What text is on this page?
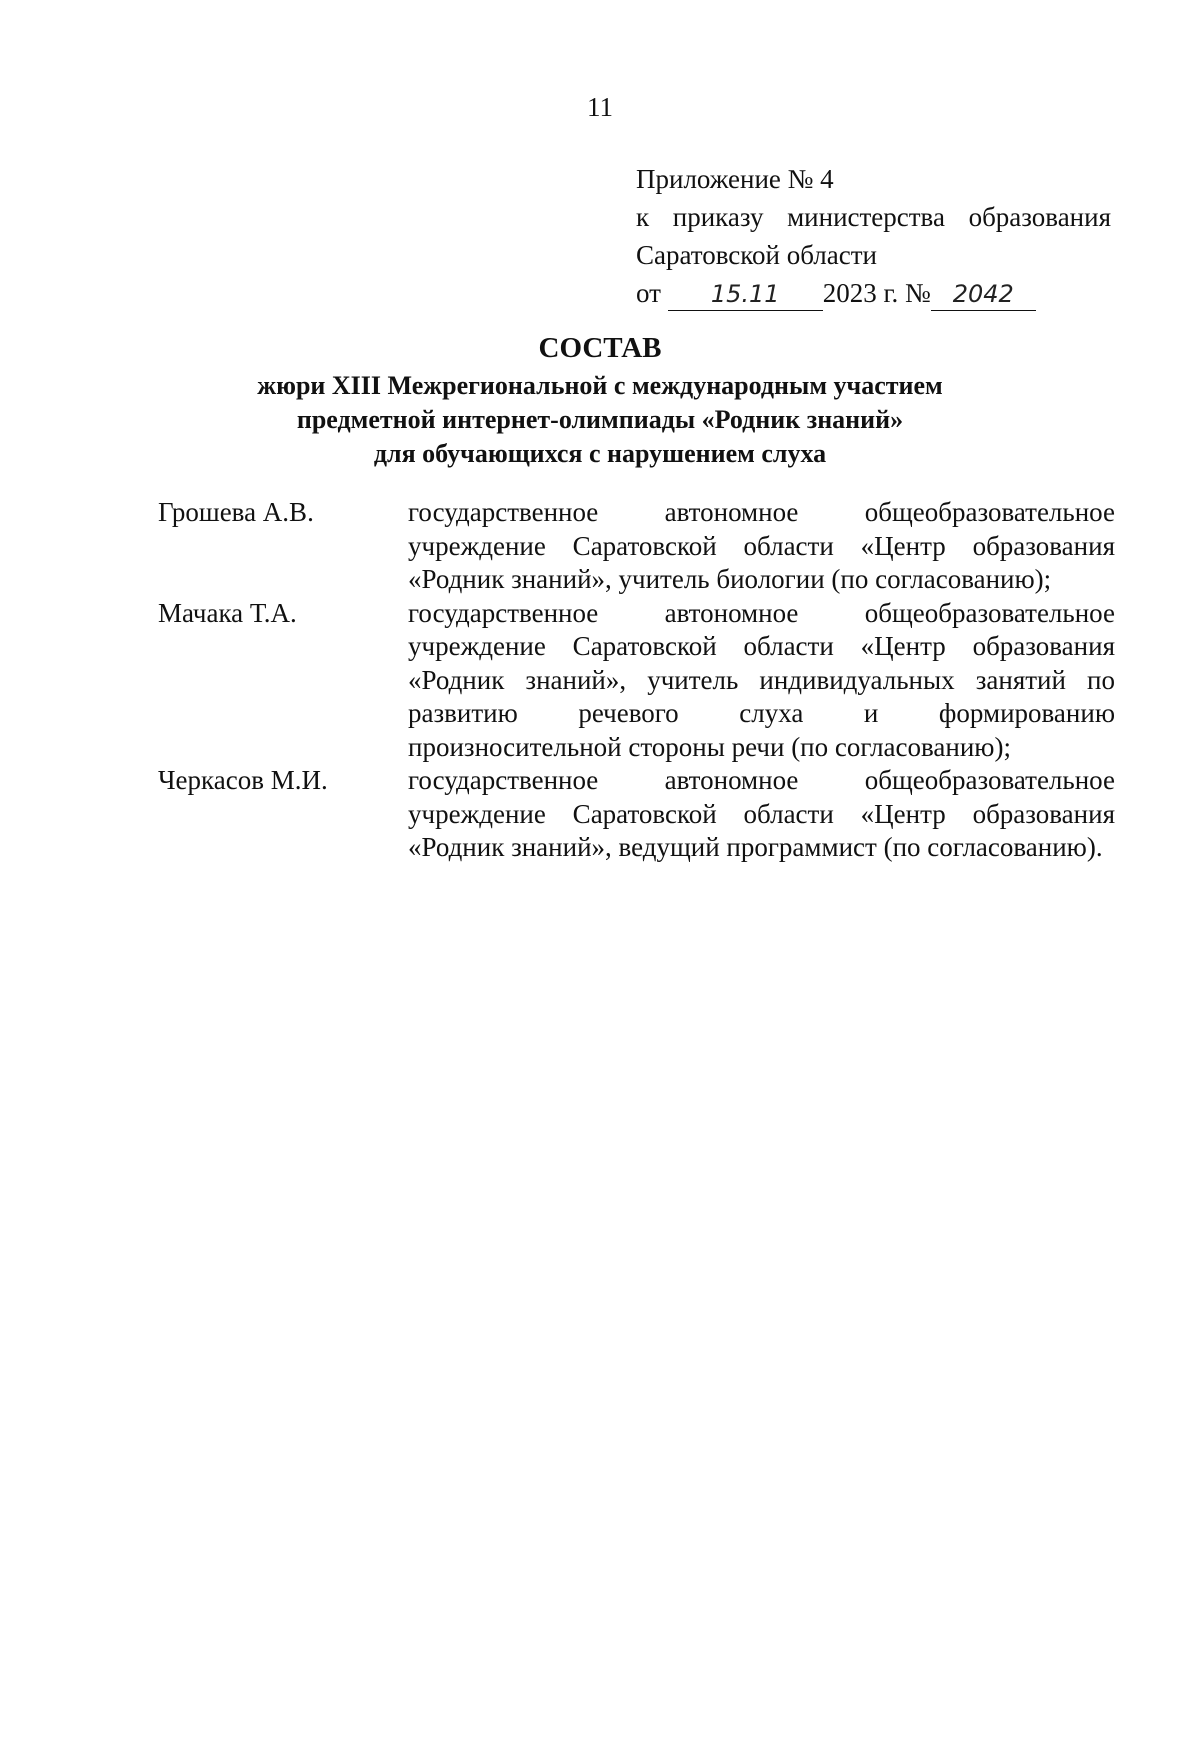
11
Приложение № 4
к приказу министерства образования
Саратовской области
от 15.11 2023 г. № 2042
СОСТАВ
жюри XIII Межрегиональной с международным участием
предметной интернет-олимпиады «Родник знаний»
для обучающихся с нарушением слуха
Грошева А.В.	государственное автономное общеобразовательное учреждение Саратовской области «Центр образования «Родник знаний», учитель биологии (по согласованию);
Мачака Т.А.	государственное автономное общеобразовательное учреждение Саратовской области «Центр образования «Родник знаний», учитель индивидуальных занятий по развитию речевого слуха и формированию произносительной стороны речи (по согласованию);
Черкасов М.И.	государственное автономное общеобразовательное учреждение Саратовской области «Центр образования «Родник знаний», ведущий программист (по согласованию).
